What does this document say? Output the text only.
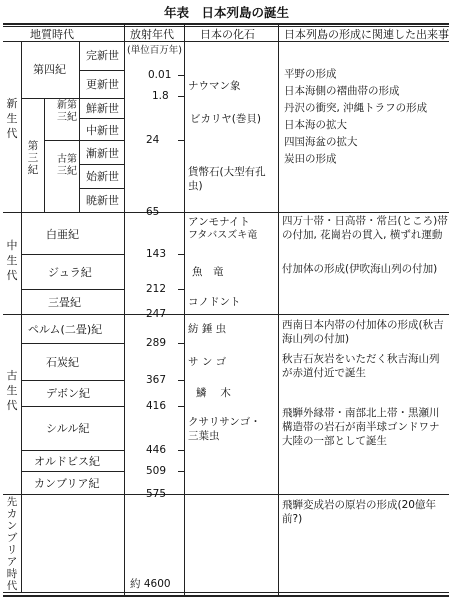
年表　日本列島の誕生
地質時代	放射年代 日本の化石	日本列島の形成に関連した出来事
(単位百万年)
新生代
中生代
古生代
先カンブリア時代
第四紀
第三紀
新第三紀
古第三紀
完新世
更新世
鮮新世
中新世
漸新世
始新世
暁新世
白亜紀
ジュラ紀
三畳紀
ペルム(二畳)紀
石炭紀
デボン紀
シルル紀
オルドビス紀
カンブリア紀
0.01
1.8
24
65
143
212
247
289
367
416
446
509
575
約 4600
ナウマン象
ビカリヤ(巻貝)
貨幣石(大型有孔虫)
アンモナイト
フタバスズキ竜
魚　竜
コノドント
紡 錘 虫
サ ン ゴ
鱗　 木
クサリサンゴ・
三葉虫
平野の形成
日本海側の褶曲帯の形成
丹沢の衝突, 沖縄トラフの形成
日本海の拡大
四国海盆の拡大
炭田の形成
四万十帯・日高帯・常呂(ところ)帯の付加, 花崗岩の貫入, 横ずれ運動
付加体の形成(伊吹海山列の付加)
西南日本内帯の付加体の形成(秋吉海山列の付加)
秋吉石灰岩をいただく秋吉海山列が赤道付近で誕生
飛騨外縁帯・南部北上帯・黒瀬川構造帯の岩石が南半球ゴンドワナ大陸の一部として誕生
飛騨変成岩の原岩の形成(20億年前?)
